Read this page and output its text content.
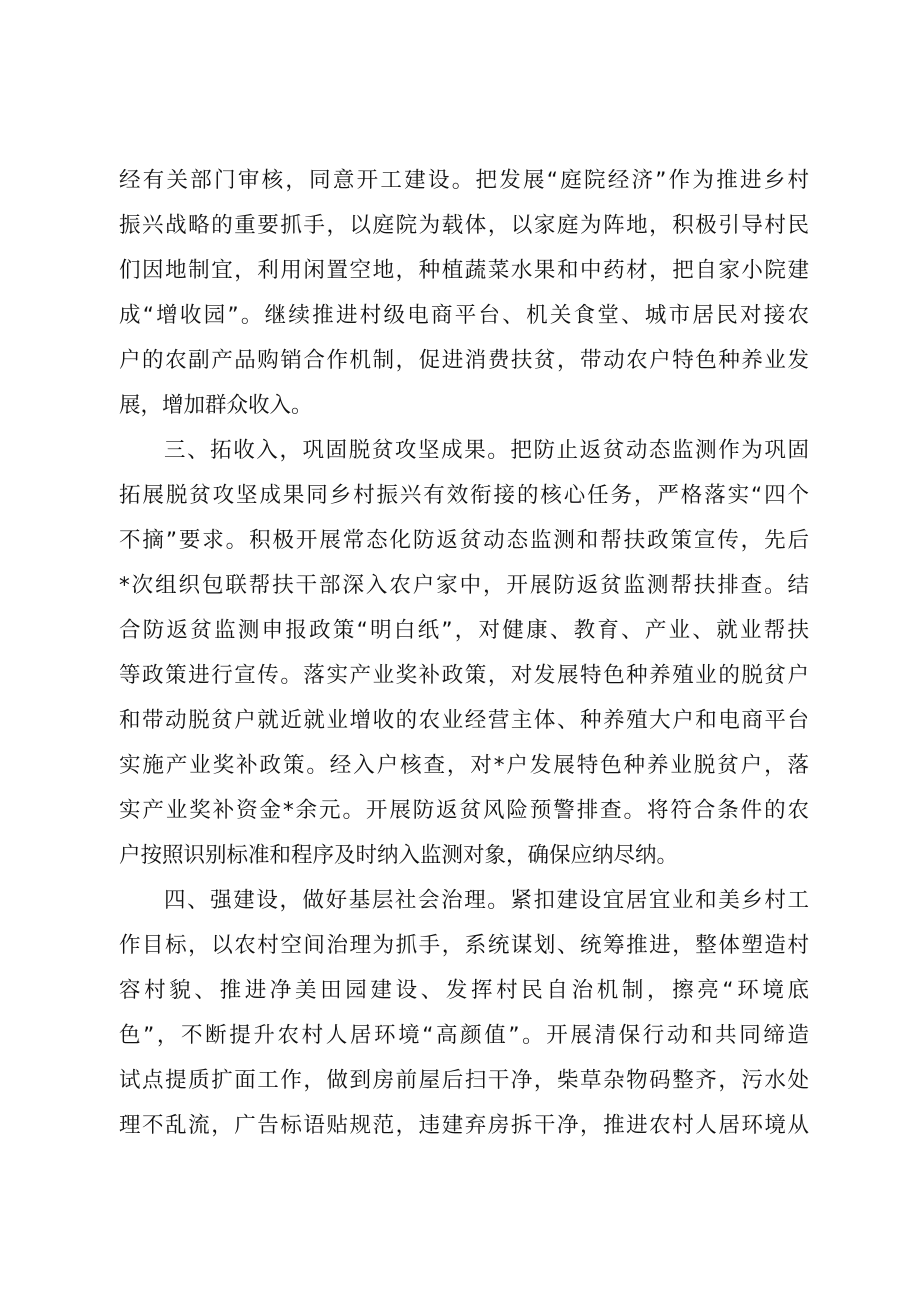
经有关部门审核，同意开工建设。把发展“庭院经济”作为推进乡村
振兴战略的重要抓手，以庭院为载体，以家庭为阵地，积极引导村民
们因地制宜，利用闲置空地，种植蔬菜水果和中药材，把自家小院建
成“增收园”。继续推进村级电商平台、机关食堂、城市居民对接农
户的农副产品购销合作机制，促进消费扶贫，带动农户特色种养业发
展，增加群众收入。
三、拓收入，巩固脱贫攻坚成果。把防止返贫动态监测作为巩固
拓展脱贫攻坚成果同乡村振兴有效衔接的核心任务，严格落实“四个
不摘”要求。积极开展常态化防返贫动态监测和帮扶政策宣传，先后
*次组织包联帮扶干部深入农户家中，开展防返贫监测帮扶排查。结
合防返贫监测申报政策“明白纸”，对健康、教育、产业、就业帮扶
等政策进行宣传。落实产业奖补政策，对发展特色种养殖业的脱贫户
和带动脱贫户就近就业增收的农业经营主体、种养殖大户和电商平台
实施产业奖补政策。经入户核查，对*户发展特色种养业脱贫户，落
实产业奖补资金*余元。开展防返贫风险预警排查。将符合条件的农
户按照识别标准和程序及时纳入监测对象，确保应纳尽纳。
四、强建设，做好基层社会治理。紧扣建设宜居宜业和美乡村工
作目标，以农村空间治理为抓手，系统谋划、统筹推进，整体塑造村
容村貌、推进净美田园建设、发挥村民自治机制，擦亮“环境底
色”，不断提升农村人居环境“高颜值”。开展清保行动和共同缔造
试点提质扩面工作，做到房前屋后扫干净，柴草杂物码整齐，污水处
理不乱流，广告标语贴规范，违建弃房拆干净，推进农村人居环境从
